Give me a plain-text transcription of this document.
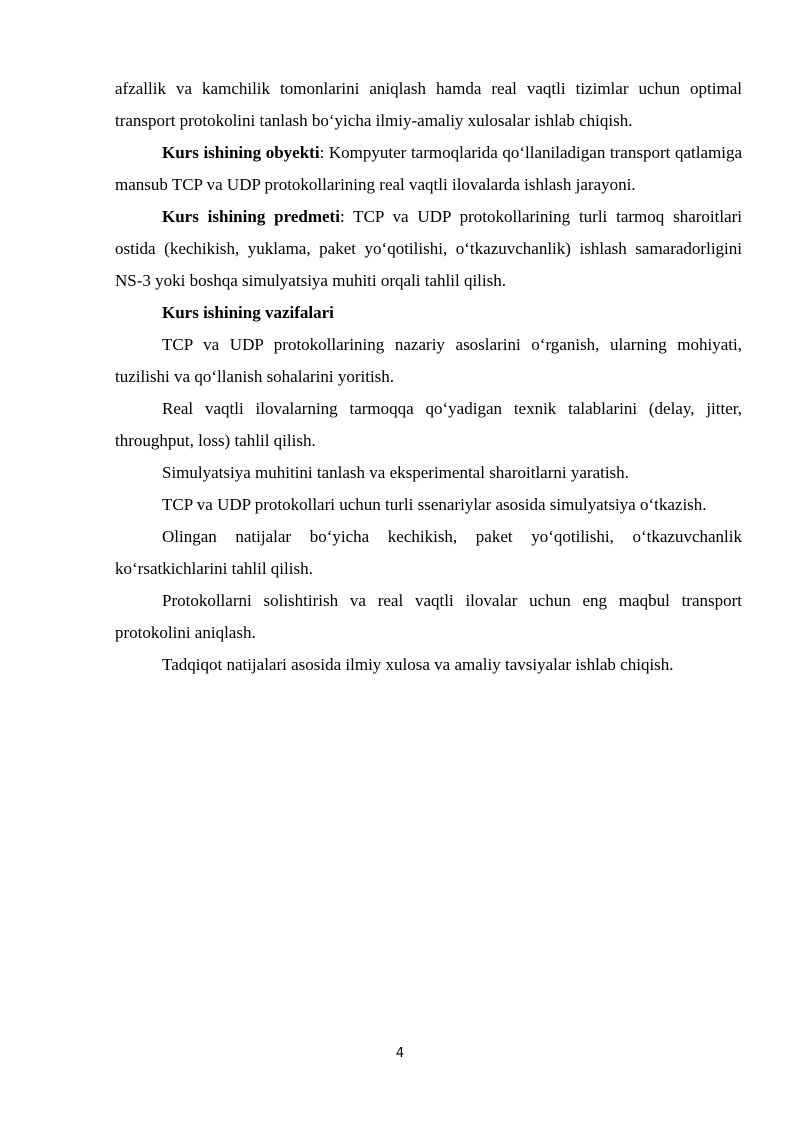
afzallik va kamchilik tomonlarini aniqlash hamda real vaqtli tizimlar uchun optimal transport protokolini tanlash bo‘yicha ilmiy-amaliy xulosalar ishlab chiqish.

Kurs ishining obyekti: Kompyuter tarmoqlarida qo‘llaniladigan transport qatlamiga mansub TCP va UDP protokollarining real vaqtli ilovalarda ishlash jarayoni.

Kurs ishining predmeti: TCP va UDP protokollarining turli tarmoq sharoitlari ostida (kechikish, yuklama, paket yo‘qotilishi, o‘tkazuvchanlik) ishlash samaradorligini NS-3 yoki boshqa simulyatsiya muhiti orqali tahlil qilish.

Kurs ishining vazifalari

TCP va UDP protokollarining nazariy asoslarini o‘rganish, ularning mohiyati, tuzilishi va qo‘llanish sohalarini yoritish.

Real vaqtli ilovalarning tarmoqqa qo‘yadigan texnik talablarini (delay, jitter, throughput, loss) tahlil qilish.

Simulyatsiya muhitini tanlash va eksperimental sharoitlarni yaratish.

TCP va UDP protokollari uchun turli ssenariylar asosida simulyatsiya o‘tkazish.

Olingan natijalar bo‘yicha kechikish, paket yo‘qotilishi, o‘tkazuvchanlik ko‘rsatkichlarini tahlil qilish.

Protokollarni solishtirish va real vaqtli ilovalar uchun eng maqbul transport protokolini aniqlash.

Tadqiqot natijalari asosida ilmiy xulosa va amaliy tavsiyalar ishlab chiqish.

4
